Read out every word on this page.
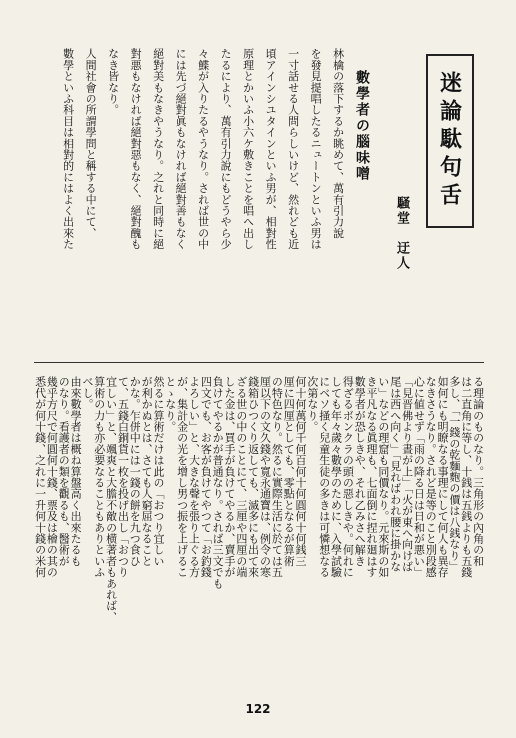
迷論駄句舌
騒堂　迂人
數學者の腦味噌
林檎の落下するか眺めて、萬有引力說
を發見提唱したるニュートンといふ男は
一寸話せる人問らしいけど、然れども近
頃アインシユタインといふ男が、相對性
原理とかいふ小六ケ敷きことを唱へ出し
たるにより、萬有引力說にもどうやら少
々鰈が入りたるやうなり。されば世の中
には先づ絕對眞もなければ絕對善もなく
絕對美もなきやうなり。之れと同時に絕
對悪もなければ絕對惡もなく、絕對醜も
なき皆なり。
人間社會の所謂學問と稱する中にて、
數學といふ科目は相對的にはよく出來た
る理論のものなり。三角形の內角の和
は二直角に等し、十銭は五銭よりも五錢
多し、「一錢の乾麵麭の價は八銭なり」
如何にも明瞭なる事理にして何人も異存
なきさうなり。されど是等のこと別段感
心に値せず「雨の降る日は日和が悪い」
「見晋佛より晝が上」「火が東へ向けば
尾は西へ向く」「見ればわれ腰に掛かな
い」などの理窟も同價なり。元來斯の如
き平凡なる眞理も、七面倒に捏れ廻はす
數學者が恐しきや、それ乙みさへ解き
得ざるボンクラの頭の惡しきや。何れに
しても年々歲々數學のために、入學試驗
にベソ掻く兒童生徒の多きは可憐想なる
次第なり。
何十何萬何千何百何十何圓何十何銭三
厘に四厘としても、零點となるが算術
の特色なり。然るに實際生活に於ては五
厘以下の文久錢や寬永通寶は、例令の寒
錢箱ひつくり返しても、滅多にも出て來
ざる世の中のことにて、三厘や四厘の端
した金は、買手が負けてやるか、賣手が
負けてやるかが普通なり。されば三文でも
四文でも、お客が負けてやつて「お釣錢
よろしい」と、大きな聲を張り上ぐる方
が、集計金の光を增し男つ振を上げるこ
とゝなり。
然るに算術だけは此の「おつり宜しい
が利かぬとは、さても人窮屈なること
かな。乍併中には一錢の餅を九つ食ひ
て、五錢白銅貨一枚を投げ出し「おつり
宜しい」と、颯爽と大膽不敵の横著者もあれば、
算術の力も亦必要なることもありといふ
べし。
由來數學者は概ね算盤高く出來たるも
のなり。看護者の類を觀るも、醫術が
幾乎方尺で何圓何十錢、票及は檜の其の
悉代が何十錢、之れに一升何十錢の米何
122
